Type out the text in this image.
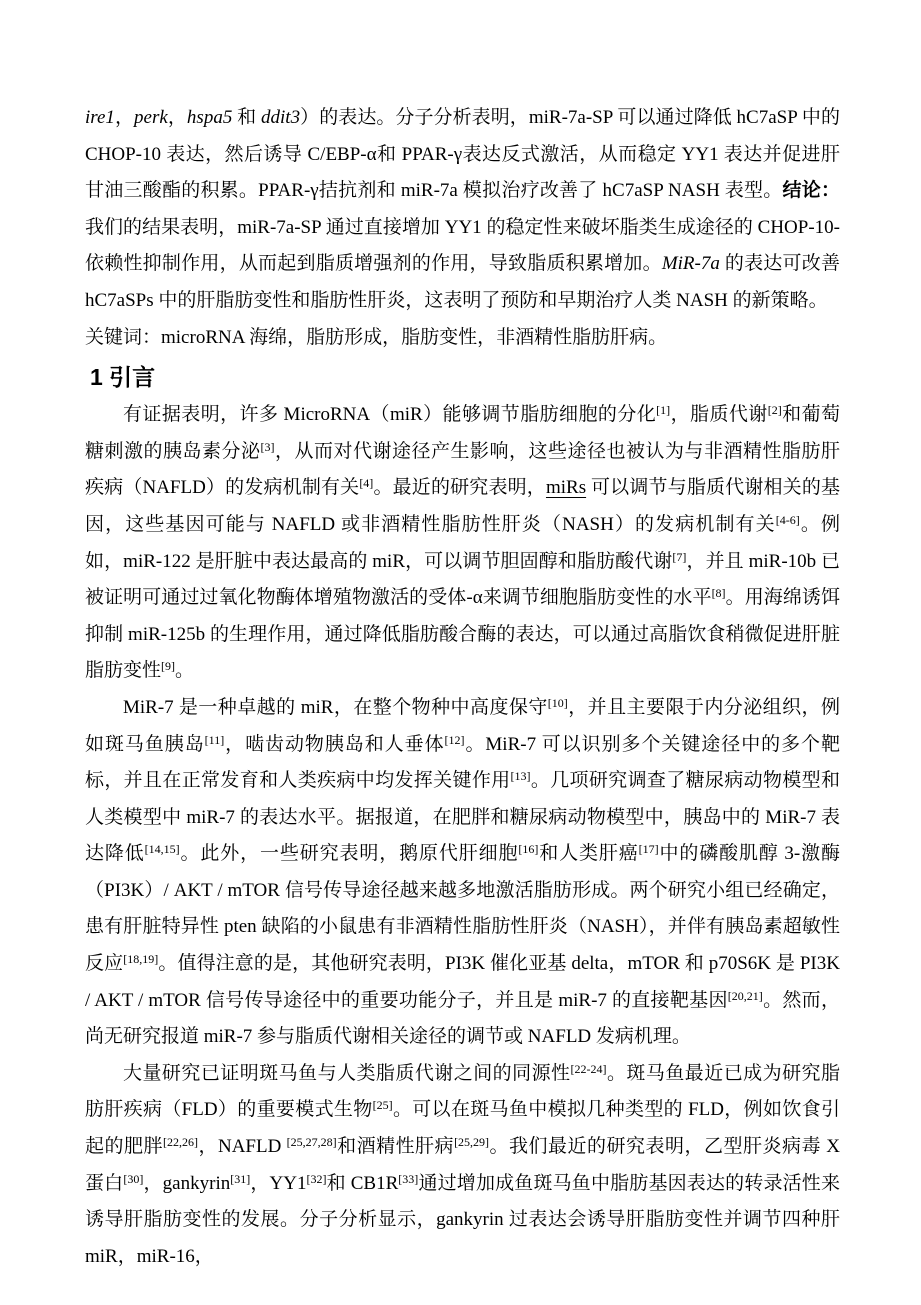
ire1，perk，hspa5 和 ddit3）的表达。分子分析表明，miR-7a-SP 可以通过降低 hC7aSP 中的 CHOP-10 表达，然后诱导 C/EBP-α和 PPAR-γ表达反式激活，从而稳定 YY1 表达并促进肝甘油三酸酯的积累。PPAR-γ拮抗剂和 miR-7a 模拟治疗改善了 hC7aSP NASH 表型。结论：我们的结果表明，miR-7a-SP 通过直接增加 YY1 的稳定性来破坏脂类生成途径的 CHOP-10-依赖性抑制作用，从而起到脂质增强剂的作用，导致脂质积累增加。MiR-7a 的表达可改善 hC7aSPs 中的肝脂肪变性和脂肪性肝炎，这表明了预防和早期治疗人类 NASH 的新策略。

关键词：microRNA 海绵，脂肪形成，脂肪变性，非酒精性脂肪肝病。

1 引言

有证据表明，许多 MicroRNA（miR）能够调节脂肪细胞的分化[1]，脂质代谢[2]和葡萄糖刺激的胰岛素分泌[3]，从而对代谢途径产生影响，这些途径也被认为与非酒精性脂肪肝疾病（NAFLD）的发病机制有关[4]。最近的研究表明，miRs 可以调节与脂质代谢相关的基因，这些基因可能与 NAFLD 或非酒精性脂肪性肝炎（NASH）的发病机制有关[4-6]。例如，miR-122 是肝脏中表达最高的 miR，可以调节胆固醇和脂肪酸代谢[7]，并且 miR-10b 已被证明可通过过氧化物酶体增殖物激活的受体-α来调节细胞脂肪变性的水平[8]。用海绵诱饵抑制 miR-125b 的生理作用，通过降低脂肪酸合酶的表达，可以通过高脂饮食稍微促进肝脏脂肪变性[9]。

MiR-7 是一种卓越的 miR，在整个物种中高度保守[10]，并且主要限于内分泌组织，例如斑马鱼胰岛[11]，啮齿动物胰岛和人垂体[12]。MiR-7 可以识别多个关键途径中的多个靶标，并且在正常发育和人类疾病中均发挥关键作用[13]。几项研究调查了糖尿病动物模型和人类模型中 miR-7 的表达水平。据报道，在肥胖和糖尿病动物模型中，胰岛中的 MiR-7 表达降低[14,15]。此外，一些研究表明，鹅原代肝细胞[16]和人类肝癌[17]中的磷酸肌醇 3-激酶（PI3K）/ AKT / mTOR 信号传导途径越来越多地激活脂肪形成。两个研究小组已经确定，患有肝脏特异性 pten 缺陷的小鼠患有非酒精性脂肪性肝炎（NASH），并伴有胰岛素超敏性反应[18,19]。值得注意的是，其他研究表明，PI3K 催化亚基 delta，mTOR 和 p70S6K 是 PI3K / AKT / mTOR 信号传导途径中的重要功能分子，并且是 miR-7 的直接靶基因[20,21]。然而，尚无研究报道 miR-7 参与脂质代谢相关途径的调节或 NAFLD 发病机理。

大量研究已证明斑马鱼与人类脂质代谢之间的同源性[22-24]。斑马鱼最近已成为研究脂肪肝疾病（FLD）的重要模式生物[25]。可以在斑马鱼中模拟几种类型的 FLD，例如饮食引起的肥胖[22,26]，NAFLD [25,27,28]和酒精性肝病[25,29]。我们最近的研究表明，乙型肝炎病毒 X 蛋白[30]，gankyrin[31]，YY1[32]和 CB1R[33]通过增加成鱼斑马鱼中脂肪基因表达的转录活性来诱导肝脂肪变性的发展。分子分析显示，gankyrin 过表达会诱导肝脂肪变性并调节四种肝 miR，miR-16，
